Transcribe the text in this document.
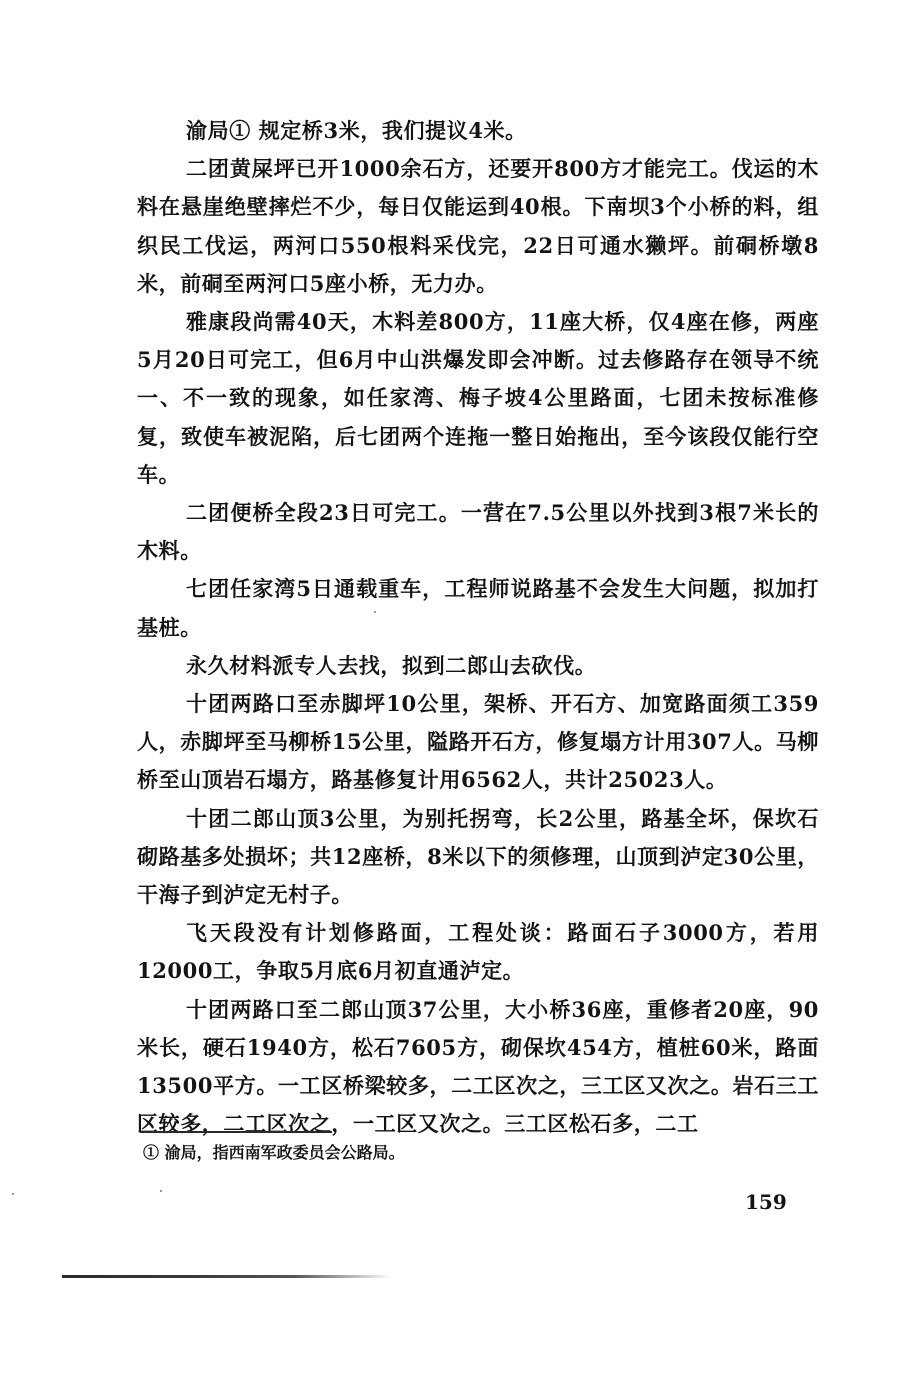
渝局① 规定桥3米，我们提议4米。

二团黄屎坪已开1000余石方，还要开800方才能完工。伐运的木料在悬崖绝壁摔烂不少，每日仅能运到40根。下南坝3个小桥的料，组织民工伐运，两河口550根料采伐完，22日可通水獭坪。前硐桥墩8米，前硐至两河口5座小桥，无力办。

雅康段尚需40天，木料差800方，11座大桥，仅4座在修，两座5月20日可完工，但6月中山洪爆发即会冲断。过去修路存在领导不统一、不一致的现象，如任家湾、梅子坡4公里路面，七团未按标准修复，致使车被泥陷，后七团两个连拖一整日始拖出，至今该段仅能行空车。

二团便桥全段23日可完工。一营在7.5公里以外找到3根7米长的木料。

七团任家湾5日通载重车，工程师说路基不会发生大问题，拟加打基桩。

永久材料派专人去找，拟到二郎山去砍伐。

十团两路口至赤脚坪10公里，架桥、开石方、加宽路面须工359人，赤脚坪至马柳桥15公里，隘路开石方，修复塌方计用307人。马柳桥至山顶岩石塌方，路基修复计用6562人，共计25023人。

十团二郎山顶3公里，为别托拐弯，长2公里，路基全坏，保坎石砌路基多处损坏；共12座桥，8米以下的须修理，山顶到泸定30公里，干海子到泸定无村子。

飞天段没有计划修路面，工程处谈：路面石子3000方，若用12000工，争取5月底6月初直通泸定。

十团两路口至二郎山顶37公里，大小桥36座，重修者20座，90米长，硬石1940方，松石7605方，砌保坎454方，植桩60米，路面13500平方。一工区桥梁较多，二工区次之，三工区又次之。岩石三工区较多，二工区次之，一工区又次之。三工区松石多，二工

① 渝局，指西南军政委员会公路局。

159
